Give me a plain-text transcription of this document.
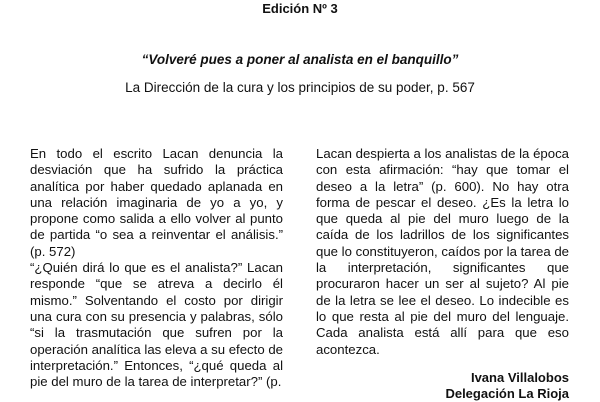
Edición Nº 3
“Volveré pues a poner al analista en el banquillo”
La Dirección de la cura y los principios de su poder, p. 567

En todo el escrito Lacan denuncia la desviación que ha sufrido la práctica analítica por haber quedado aplanada en una relación imaginaria de yo a yo, y propone como salida a ello volver al punto de partida “o sea a reinventar el análisis.” (p. 572)

“¿Quién dirá lo que es el analista?” Lacan responde “que se atreva a decirlo él mismo.” Solventando el costo por dirigir una cura con su presencia y palabras, sólo “si la trasmutación que sufren por la operación analítica las eleva a su efecto de interpretación.” Entonces, “¿qué queda al pie del muro de la tarea de interpretar?” (p.

Lacan despierta a los analistas de la época con esta afirmación: “hay que tomar el deseo a la letra” (p. 600). No hay otra forma de pescar el deseo. ¿Es la letra lo que queda al pie del muro luego de la caída de los ladrillos de los significantes que lo constituyeron, caídos por la tarea de la interpretación, significantes que procuraron hacer un ser al sujeto? Al pie de la letra se lee el deseo. Lo indecible es lo que resta al pie del muro del lenguaje. Cada analista está allí para que eso acontezca.

Ivana Villalobos
Delegación La Rioja
